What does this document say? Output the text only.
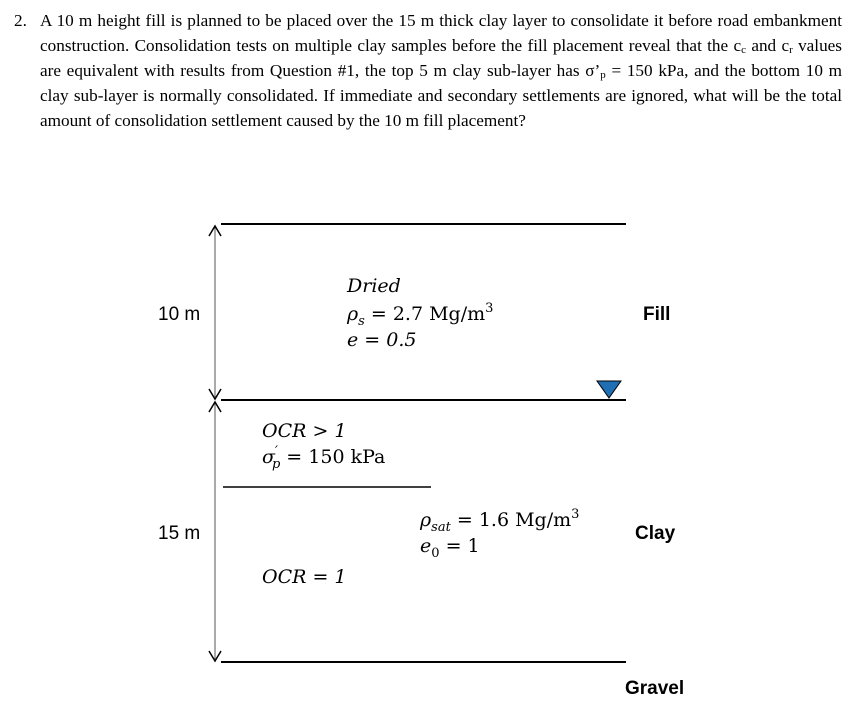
2. A 10 m height fill is planned to be placed over the 15 m thick clay layer to consolidate it before road embankment construction. Consolidation tests on multiple clay samples before the fill placement reveal that the $c_c$ and $c_r$ values are equivalent with results from Question #1, the top 5 m clay sub-layer has $\sigma’_p = 150$ kPa, and the bottom 10 m clay sub-layer is normally consolidated. If immediate and secondary settlements are ignored, what will be the total amount of consolidation settlement caused by the 10 m fill placement?
10 m
15 m
Fill
Clay
Gravel
Dried
$\rho_s = 2.7$ $Mg/m^3$
e = 0.5
OCR > 1
σ′ p = 150 kPa
OCR = 1
$\rho_{sat} = 1.6$ $Mg/m^3$
$e_0 = 1$
